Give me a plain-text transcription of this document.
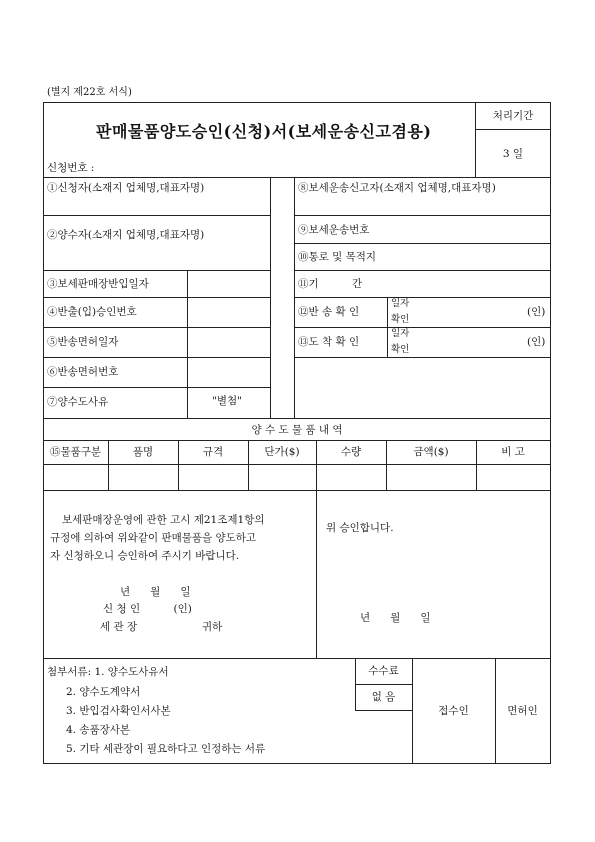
(별지 제22호 서식)
판매물품양도승인(신청)서(보세운송신고겸용)
신청번호 :
처리기간
3 일
①신청자(소재지 업체명,대표자명)
②양수자(소재지 업체명,대표자명)
③보세판매장반입일자
④반출(입)승인번호
⑤반송면허일자
⑥반송면허번호
⑦양수도사유	"별첨"
⑧보세운송신고자(소재지 업체명,대표자명)
⑨보세운송번호
⑩통로 및 목적지
⑪기          간
⑫반 송 확 인
일자
확인
(인)
⑬도 착 확 인
일자
확인
(인)
양 수 도 물 품 내 역
⑮물품구분	품명	규격	단가($)	수량	금액($)	비 고
보세판매장운영에 관한 고시 제21조제1항의
규정에 의하여 위와같이 판매물품을 양도하고
자 신청하오니 승인하여 주시기 바랍니다.
년      월      일
신 청 인          (인)
세 관 장	귀하
위 승인합니다.
년      월      일
첨부서류: 1. 양수도사유서
2. 양수도계약서
3. 반입검사확인서사본
4. 송품장사본
5. 기타 세관장이 필요하다고 인정하는 서류
수수료
없 음
접수인	면허인
